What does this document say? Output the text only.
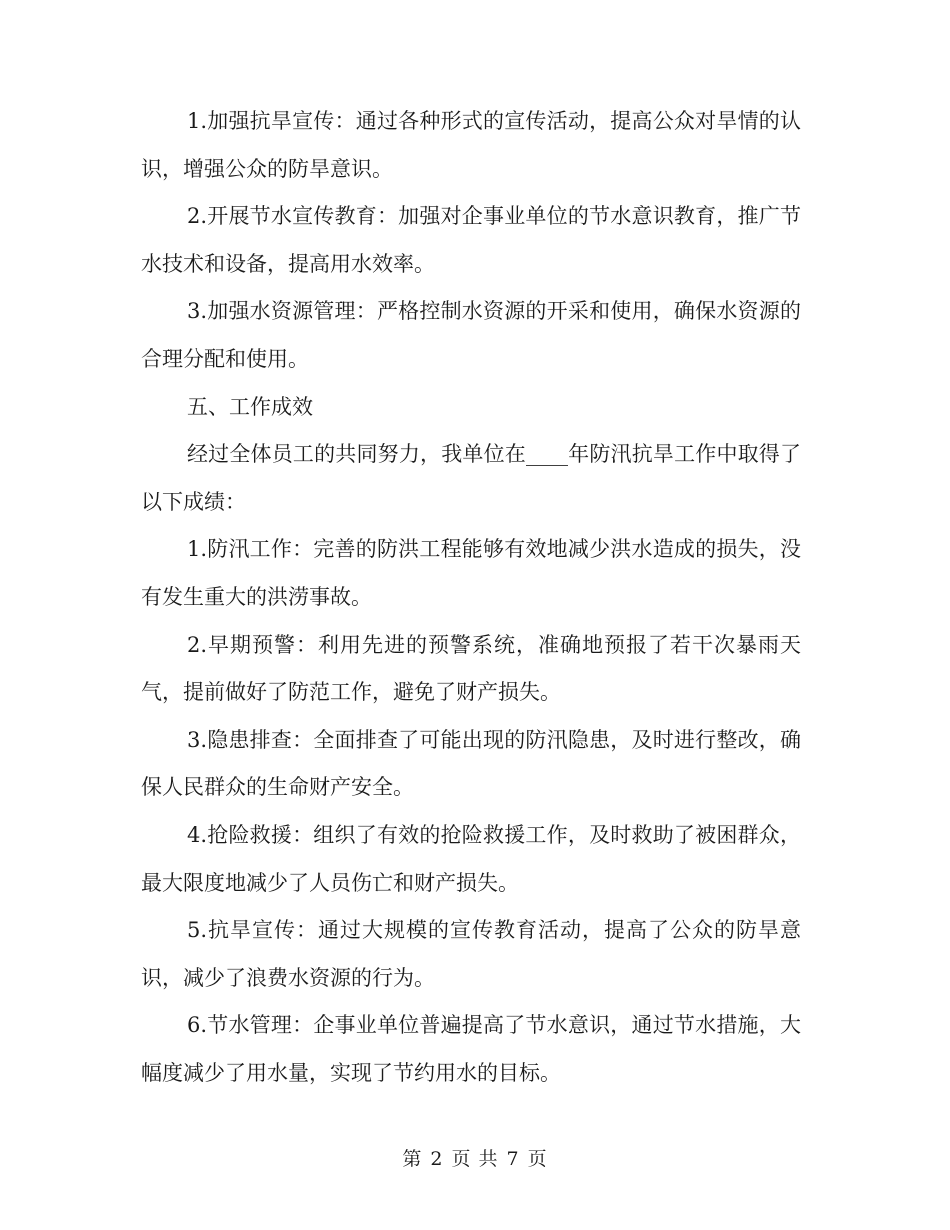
1.加强抗旱宣传：通过各种形式的宣传活动，提高公众对旱情的认识，增强公众的防旱意识。

2.开展节水宣传教育：加强对企事业单位的节水意识教育，推广节水技术和设备，提高用水效率。

3.加强水资源管理：严格控制水资源的开采和使用，确保水资源的合理分配和使用。

五、工作成效

经过全体员工的共同努力，我单位在____年防汛抗旱工作中取得了以下成绩：

1.防汛工作：完善的防洪工程能够有效地减少洪水造成的损失，没有发生重大的洪涝事故。

2.早期预警：利用先进的预警系统，准确地预报了若干次暴雨天气，提前做好了防范工作，避免了财产损失。

3.隐患排查：全面排查了可能出现的防汛隐患，及时进行整改，确保人民群众的生命财产安全。

4.抢险救援：组织了有效的抢险救援工作，及时救助了被困群众，最大限度地减少了人员伤亡和财产损失。

5.抗旱宣传：通过大规模的宣传教育活动，提高了公众的防旱意识，减少了浪费水资源的行为。

6.节水管理：企事业单位普遍提高了节水意识，通过节水措施，大幅度减少了用水量，实现了节约用水的目标。

第 2 页 共 7 页
